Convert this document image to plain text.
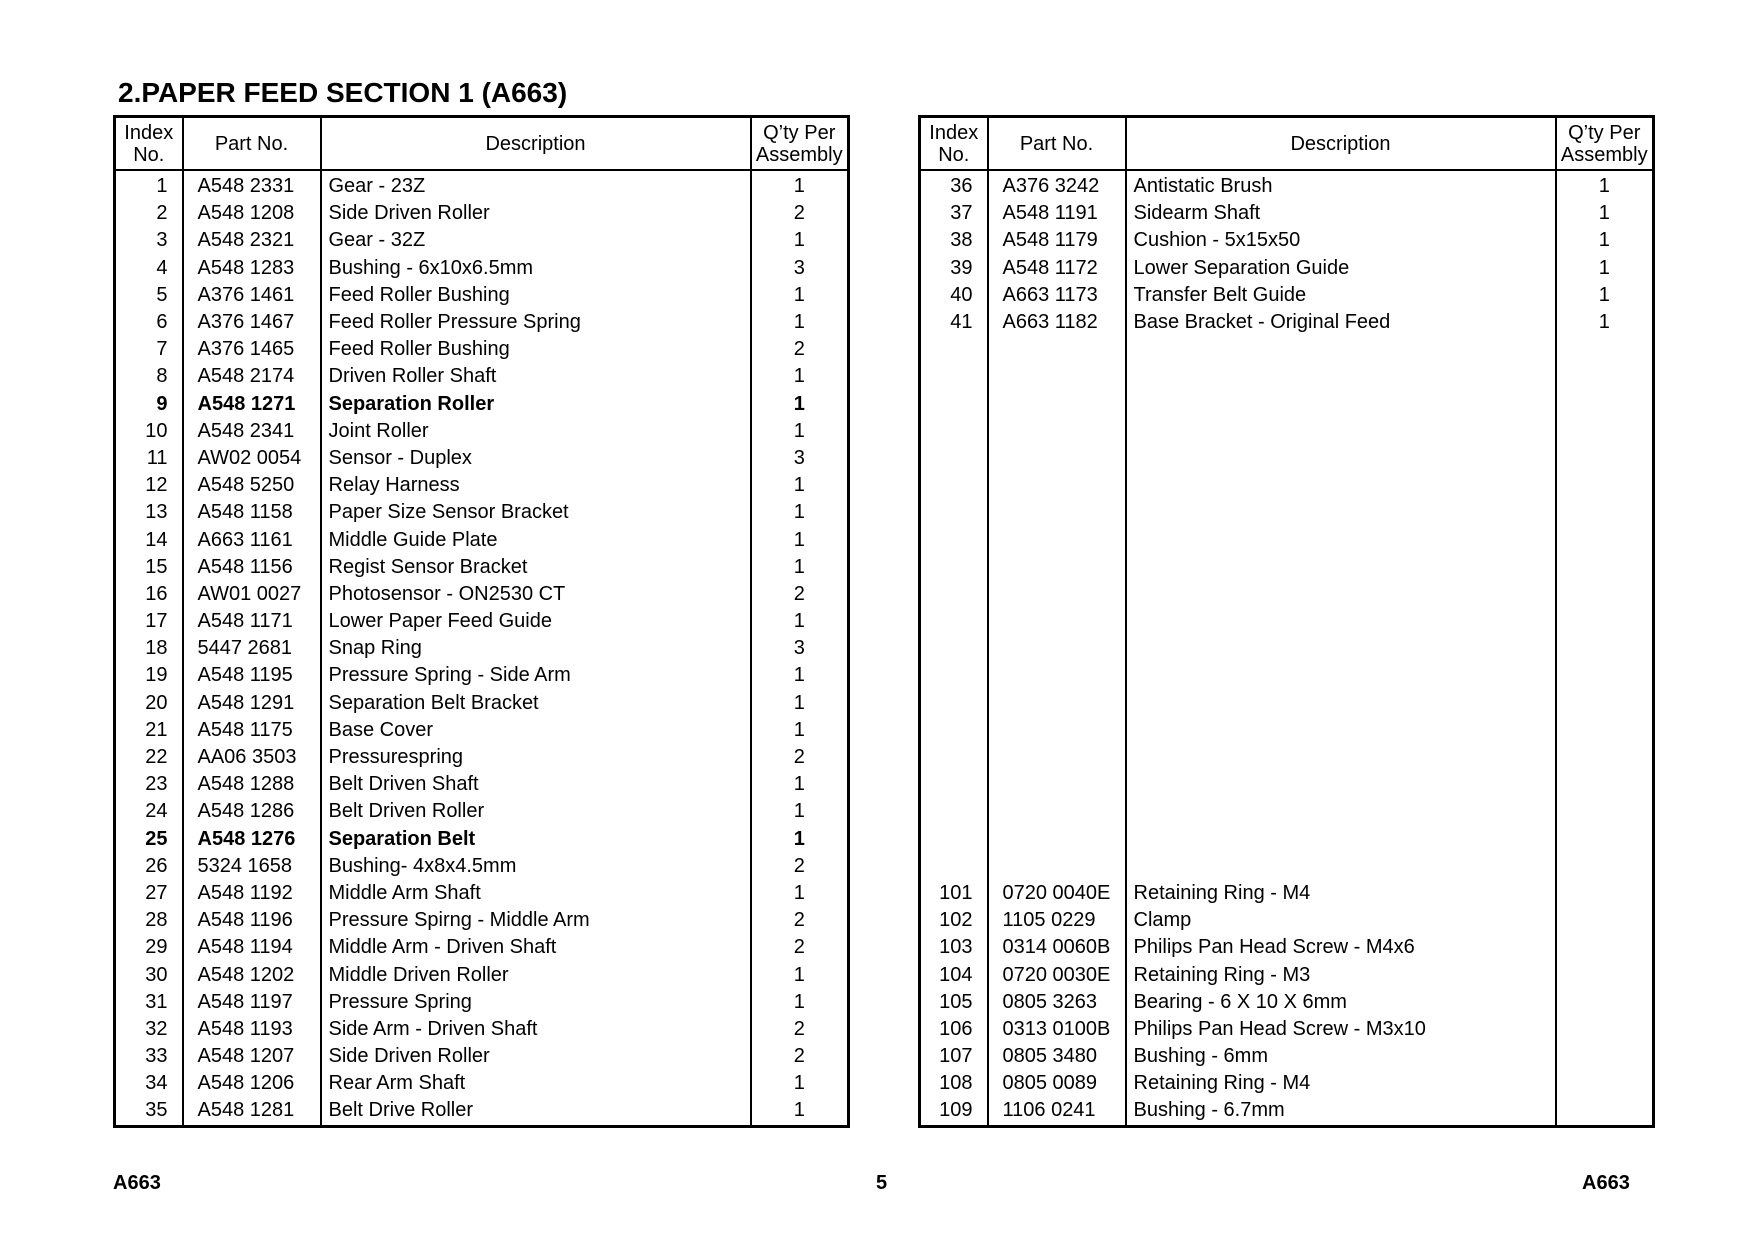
2.PAPER FEED SECTION 1 (A663)
Index
No.	Part No.	Description	Q’ty Per
Assembly
1	A548 2331	Gear - 23Z	1
2	A548 1208	Side Driven Roller	2
3	A548 2321	Gear - 32Z	1
4	A548 1283	Bushing - 6x10x6.5mm	3
5	A376 1461	Feed Roller Bushing	1
6	A376 1467	Feed Roller Pressure Spring	1
7	A376 1465	Feed Roller Bushing	2
8	A548 2174	Driven Roller Shaft	1
9	A548 1271	Separation Roller	1
10	A548 2341	Joint Roller	1
11	AW02 0054	Sensor - Duplex	3
12	A548 5250	Relay Harness	1
13	A548 1158	Paper Size Sensor Bracket	1
14	A663 1161	Middle Guide Plate	1
15	A548 1156	Regist Sensor Bracket	1
16	AW01 0027	Photosensor - ON2530 CT	2
17	A548 1171	Lower Paper Feed Guide	1
18	5447 2681	Snap Ring	3
19	A548 1195	Pressure Spring - Side Arm	1
20	A548 1291	Separation Belt Bracket	1
21	A548 1175	Base Cover	1
22	AA06 3503	Pressurespring	2
23	A548 1288	Belt Driven Shaft	1
24	A548 1286	Belt Driven Roller	1
25	A548 1276	Separation Belt	1
26	5324 1658	Bushing- 4x8x4.5mm	2
27	A548 1192	Middle Arm Shaft	1
28	A548 1196	Pressure Spirng - Middle Arm	2
29	A548 1194	Middle Arm - Driven Shaft	2
30	A548 1202	Middle Driven Roller	1
31	A548 1197	Pressure Spring	1
32	A548 1193	Side Arm - Driven Shaft	2
33	A548 1207	Side Driven Roller	2
34	A548 1206	Rear Arm Shaft	1
35	A548 1281	Belt Drive Roller	1
Index
No.	Part No.	Description	Q’ty Per
Assembly
36	A376 3242	Antistatic Brush	1
37	A548 1191	Sidearm Shaft	1
38	A548 1179	Cushion - 5x15x50	1
39	A548 1172	Lower Separation Guide	1
40	A663 1173	Transfer Belt Guide	1
41	A663 1182	Base Bracket - Original Feed	1

101	0720 0040E	Retaining Ring - M4	
102	1105 0229	Clamp	
103	0314 0060B	Philips Pan Head Screw - M4x6	
104	0720 0030E	Retaining Ring - M3	
105	0805 3263	Bearing - 6 X 10 X 6mm	
106	0313 0100B	Philips Pan Head Screw - M3x10	
107	0805 3480	Bushing - 6mm	
108	0805 0089	Retaining Ring - M4	
109	1106 0241	Bushing - 6.7mm	
A663	5	A663
